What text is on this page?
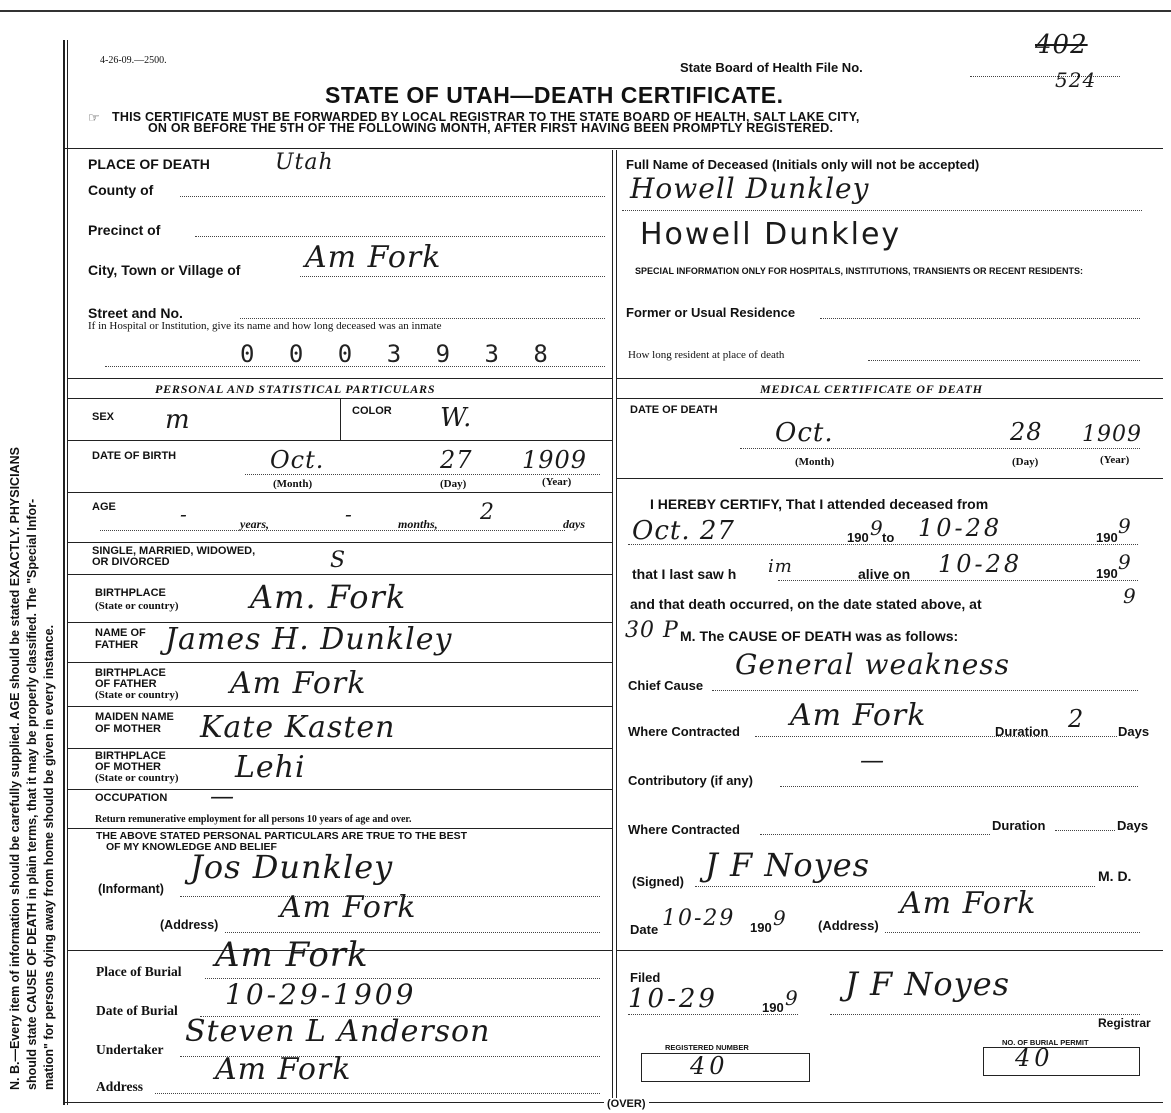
N. B.—Every item of information should be carefully supplied. AGE should be stated EXACTLY. PHYSICIANS should state CAUSE OF DEATH in plain terms, that it may be properly classified. The "Special Infor- mation" for persons dying away from home should be given in every instance.
4-26-09.—2500.	State Board of Health File No.
402
524
STATE OF UTAH—DEATH CERTIFICATE.
☞ THIS CERTIFICATE MUST BE FORWARDED BY LOCAL REGISTRAR TO THE STATE BOARD OF HEALTH, SALT LAKE CITY,
ON OR BEFORE THE 5TH OF THE FOLLOWING MONTH, AFTER FIRST HAVING BEEN PROMPTLY REGISTERED.
PLACE OF DEATH	Utah
County of
Precinct of
City, Town or Village of Am Fork
Street and No.
If in Hospital or Institution, give its name and how long deceased was an inmate
0 0 0 3 9 3 8
Full Name of Deceased (Initials only will not be accepted)
Howell Dunkley
Howell Dunkley
SPECIAL INFORMATION ONLY FOR HOSPITALS, INSTITUTIONS, TRANSIENTS OR RECENT RESIDENTS:
Former or Usual Residence
How long resident at place of death
PERSONAL AND STATISTICAL PARTICULARS	MEDICAL CERTIFICATE OF DEATH
SEX m	COLOR W.
DATE OF BIRTH	Oct.	27 1909
(Month)	(Day)	(Year)
AGE	-	years,	-	months, 2	days
SINGLE, MARRIED, WIDOWED, OR DIVORCED	S
BIRTHPLACE
(State or country) Am. Fork
NAME OF
FATHER James H. Dunkley
BIRTHPLACE
OF FATHER
(State or country) Am Fork
MAIDEN NAME
OF MOTHER Kate Kasten
BIRTHPLACE
OF MOTHER
(State or country) Lehi
OCCUPATION —
Return remunerative employment for all persons 10 years of age and over.
THE ABOVE STATED PERSONAL PARTICULARS ARE TRUE TO THE BEST
OF MY KNOWLEDGE AND BELIEF
(Informant)
Jos Dunkley
(Address) Am Fork
Place of Burial Am Fork
Date of Burial 10-29-1909
Undertaker
Steven L Anderson
Address Am Fork
DATE OF DEATH
Oct.	28 1909
(Month)	(Day)	(Year)
I HEREBY CERTIFY, That I attended deceased from
Oct. 27	190 9
to 10-28	190 9
that I last saw h im	alive on 10-28	190 9
and that death occurred, on the date stated above, at	9
30 P M. The CAUSE OF DEATH was as follows:
Chief Cause
General weakness
Where Contracted Am Fork	Duration 2	Days
Contributory (if any)
—
Where Contracted	Duration	Days
(Signed) J F Noyes	M. D.
Date 10-29 190 9 (Address)
Am Fork
Filed
10-29	190 9 J F Noyes
Registrar
REGISTERED NUMBER
40
NO. OF BURIAL PERMIT
40
(OVER)
